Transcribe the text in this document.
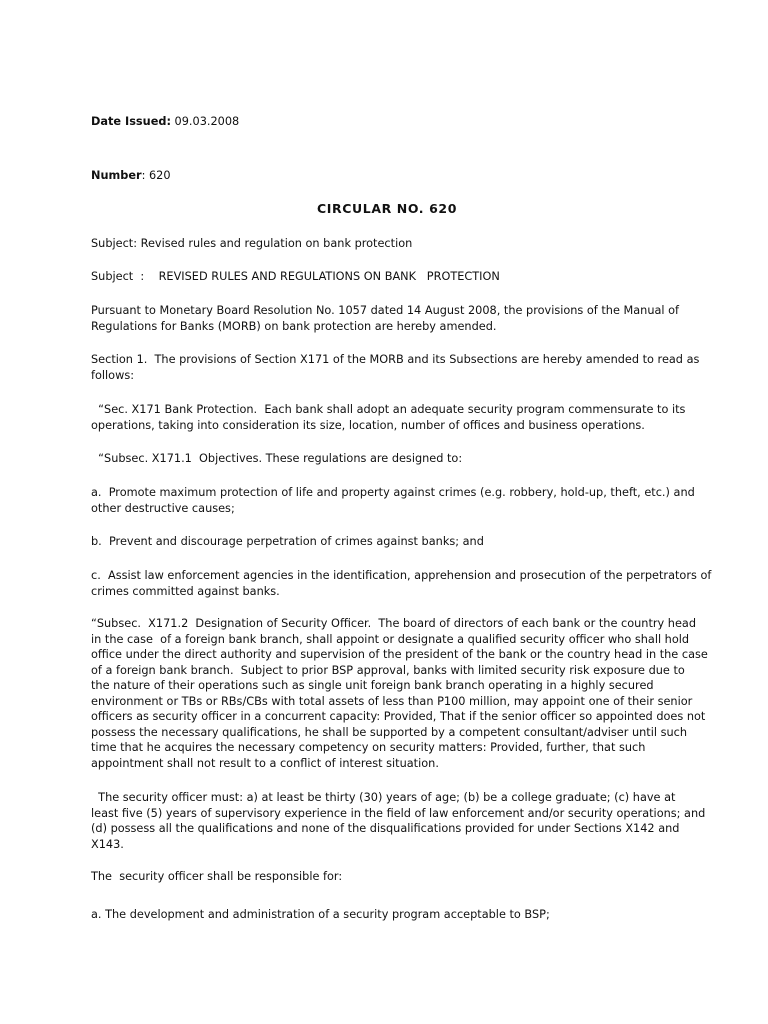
Date Issued: 09.03.2008
Number: 620
CIRCULAR NO. 620
Subject: Revised rules and regulation on bank protection
Subject  :    REVISED RULES AND REGULATIONS ON BANK   PROTECTION
Pursuant to Monetary Board Resolution No. 1057 dated 14 August 2008, the provisions of the Manual of
Regulations for Banks (MORB) on bank protection are hereby amended.
Section 1.  The provisions of Section X171 of the MORB and its Subsections are hereby amended to read as
follows:
“Sec. X171 Bank Protection.  Each bank shall adopt an adequate security program commensurate to its
operations, taking into consideration its size, location, number of offices and business operations.
“Subsec. X171.1  Objectives. These regulations are designed to:
a.  Promote maximum protection of life and property against crimes (e.g. robbery, hold-up, theft, etc.) and
other destructive causes;
b.  Prevent and discourage perpetration of crimes against banks; and
c.  Assist law enforcement agencies in the identification, apprehension and prosecution of the perpetrators of
crimes committed against banks.
“Subsec.  X171.2  Designation of Security Officer.  The board of directors of each bank or the country head
in the case  of a foreign bank branch, shall appoint or designate a qualified security officer who shall hold
office under the direct authority and supervision of the president of the bank or the country head in the case
of a foreign bank branch.  Subject to prior BSP approval, banks with limited security risk exposure due to
the nature of their operations such as single unit foreign bank branch operating in a highly secured
environment or TBs or RBs/CBs with total assets of less than P100 million, may appoint one of their senior
officers as security officer in a concurrent capacity: Provided, That if the senior officer so appointed does not
possess the necessary qualifications, he shall be supported by a competent consultant/adviser until such
time that he acquires the necessary competency on security matters: Provided, further, that such
appointment shall not result to a conflict of interest situation.
The security officer must: a) at least be thirty (30) years of age; (b) be a college graduate; (c) have at
least five (5) years of supervisory experience in the field of law enforcement and/or security operations; and
(d) possess all the qualifications and none of the disqualifications provided for under Sections X142 and
X143.
The  security officer shall be responsible for:
a. The development and administration of a security program acceptable to BSP;
